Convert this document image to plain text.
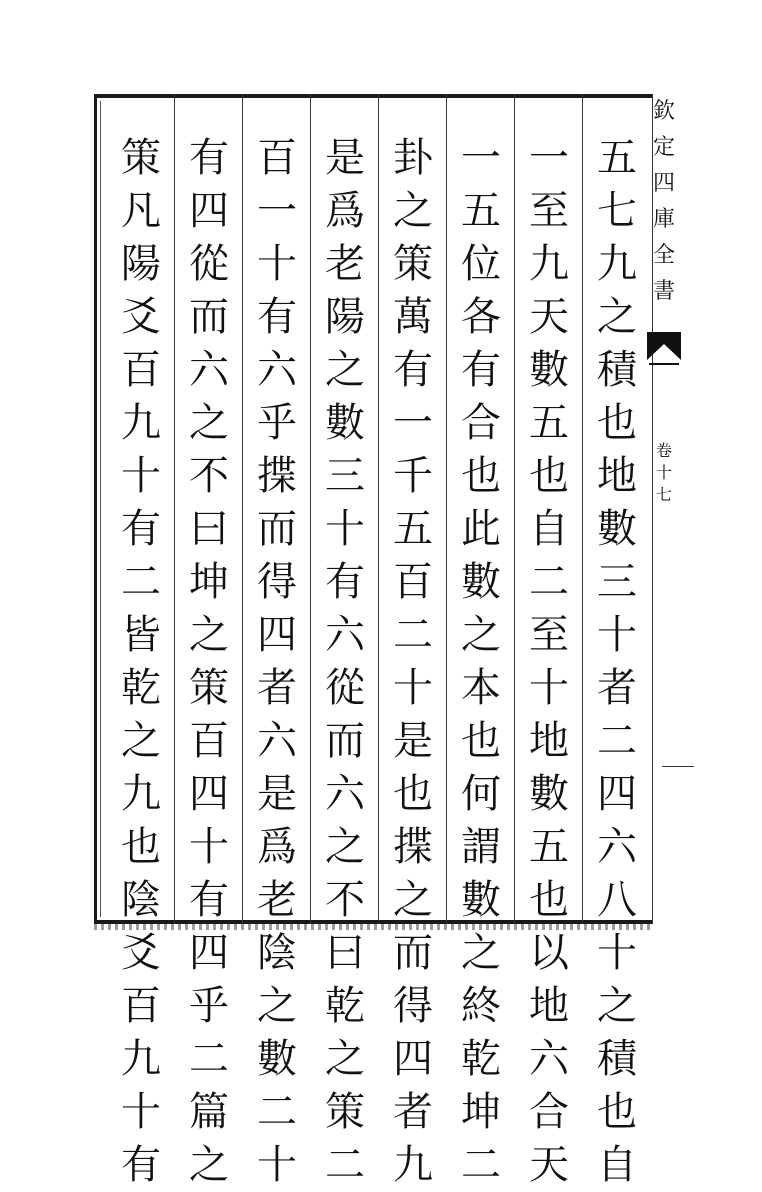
五
七
九
之
積
也
地
數
三
十
者
二
四
六
八
十
之
積
也
自
一
至
九
天
數
五
也
自
二
至
十
地
數
五
也
以
地
六
合
天
一
五
位
各
有
合
也
此
數
之
本
也
何
謂
數
之
終
乾
坤
二
卦
之
策
萬
有
一
千
五
百
二
十
是
也
揲
之
而
得
四
者
九
是
爲
老
陽
之
數
三
十
有
六
從
而
六
之
不
曰
乾
之
策
二
百
一
十
有
六
乎
揲
而
得
四
者
六
是
爲
老
陰
之
數
二
十
有
四
從
而
六
之
不
曰
坤
之
策
百
四
十
有
四
乎
二
篇
之
策
凡
陽
爻
百
九
十
有
二
皆
乾
之
九
也
陰
爻
百
九
十
有
欽
定
四
庫
全
書
卷
十
七
